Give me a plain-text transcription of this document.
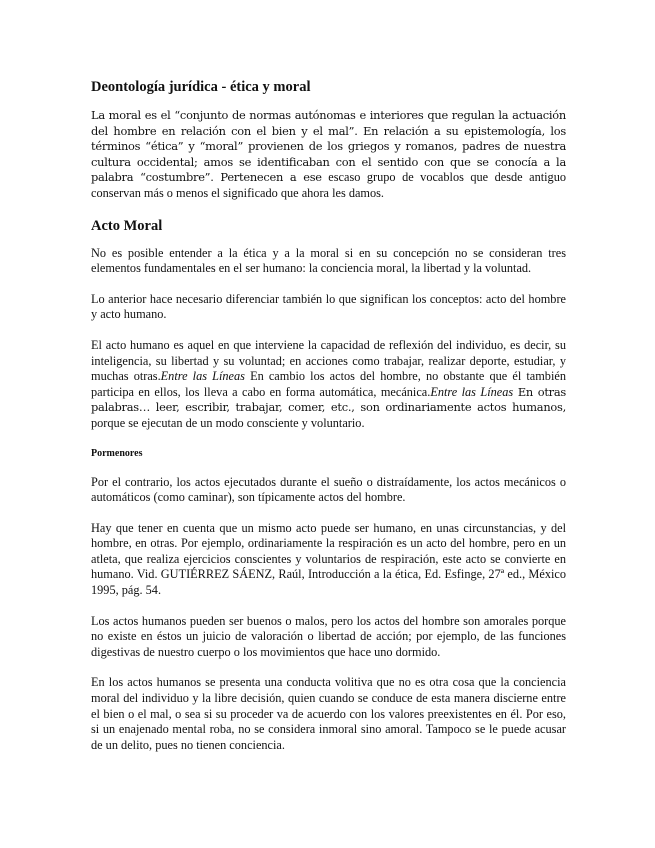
Deontología jurídica - ética y moral

La moral es el “conjunto de normas autónomas e interiores que regulan la actuación del hombre en relación con el bien y el mal”. En relación a su epistemología, los términos “ética” y “moral” provienen de los griegos y romanos, padres de nuestra cultura occidental; amos se identificaban con el sentido con que se conocía a la palabra “costumbre”. Pertenecen a ese escaso grupo de vocablos que desde antiguo conservan más o menos el significado que ahora les damos.

Acto Moral

No es posible entender a la ética y a la moral si en su concepción no se consideran tres elementos fundamentales en el ser humano: la conciencia moral, la libertad y la voluntad.

Lo anterior hace necesario diferenciar también lo que significan los conceptos: acto del hombre y acto humano.

El acto humano es aquel en que interviene la capacidad de reflexión del individuo, es decir, su inteligencia, su libertad y su voluntad; en acciones como trabajar, realizar deporte, estudiar, y muchas otras.Entre las Líneas En cambio los actos del hombre, no obstante que él también participa en ellos, los lleva a cabo en forma automática, mecánica.Entre las Líneas En otras palabras… leer, escribir, trabajar, comer, etc., son ordinariamente actos humanos, porque se ejecutan de un modo consciente y voluntario.

Pormenores

Por el contrario, los actos ejecutados durante el sueño o distraídamente, los actos mecánicos o automáticos (como caminar), son típicamente actos del hombre.

Hay que tener en cuenta que un mismo acto puede ser humano, en unas circunstancias, y del hombre, en otras. Por ejemplo, ordinariamente la respiración es un acto del hombre, pero en un atleta, que realiza ejercicios conscientes y voluntarios de respiración, este acto se convierte en humano. Vid. GUTIÉRREZ SÁENZ, Raúl, Introducción a la ética, Ed. Esfinge, 27ª ed., México 1995, pág. 54.

Los actos humanos pueden ser buenos o malos, pero los actos del hombre son amorales porque no existe en éstos un juicio de valoración o libertad de acción; por ejemplo, de las funciones digestivas de nuestro cuerpo o los movimientos que hace uno dormido.

En los actos humanos se presenta una conducta volitiva que no es otra cosa que la conciencia moral del individuo y la libre decisión, quien cuando se conduce de esta manera discierne entre el bien o el mal, o sea si su proceder va de acuerdo con los valores preexistentes en él. Por eso, si un enajenado mental roba, no se considera inmoral sino amoral. Tampoco se le puede acusar de un delito, pues no tienen conciencia.
